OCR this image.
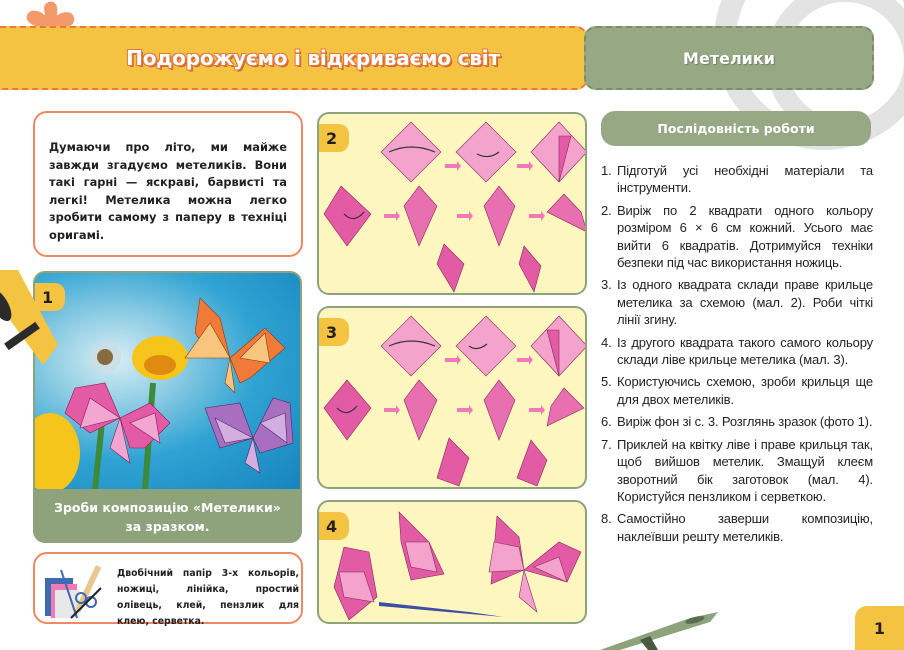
Подорожуємо і відкриваємо світ	Метелики

Думаючи про літо, ми майже завжди згадуємо метеликів. Вони такі гарні — яскраві, барвисті та легкі! Метелика можна легко зробити самому з паперу в техніці оригамі.

1
Зроби композицію «Метелики»
за зразком.

Двобічний папір 3-х кольорів, ножиці, лінійка, простий олівець, клей, пензлик для клею, серветка.

2
3
4
Послідовність роботи
1. Підготуй усі необхідні матеріали та інструменти.
2. Виріж по 2 квадрати одного кольору розміром 6 × 6 см кожний. Усього має вийти 6 квадратів. Дотримуйся техніки безпеки під час використання ножиць.
3. Із одного квадрата склади праве крильце метелика за схемою (мал. 2). Роби чіткі лінії згину.
4. Із другого квадрата такого самого кольору склади ліве крильце метелика (мал. 3).
5. Користуючись схемою, зроби крильця ще для двох метеликів.
6. Виріж фон зі с. 3. Розглянь зразок (фото 1).
7. Приклей на квітку ліве і праве крильця так, щоб вийшов метелик. Змащуй клеєм зворотний бік заготовок (мал. 4). Користуйся пензликом і серветкою.
8. Самостійно заверши композицію, наклеївши решту метеликів.
1
